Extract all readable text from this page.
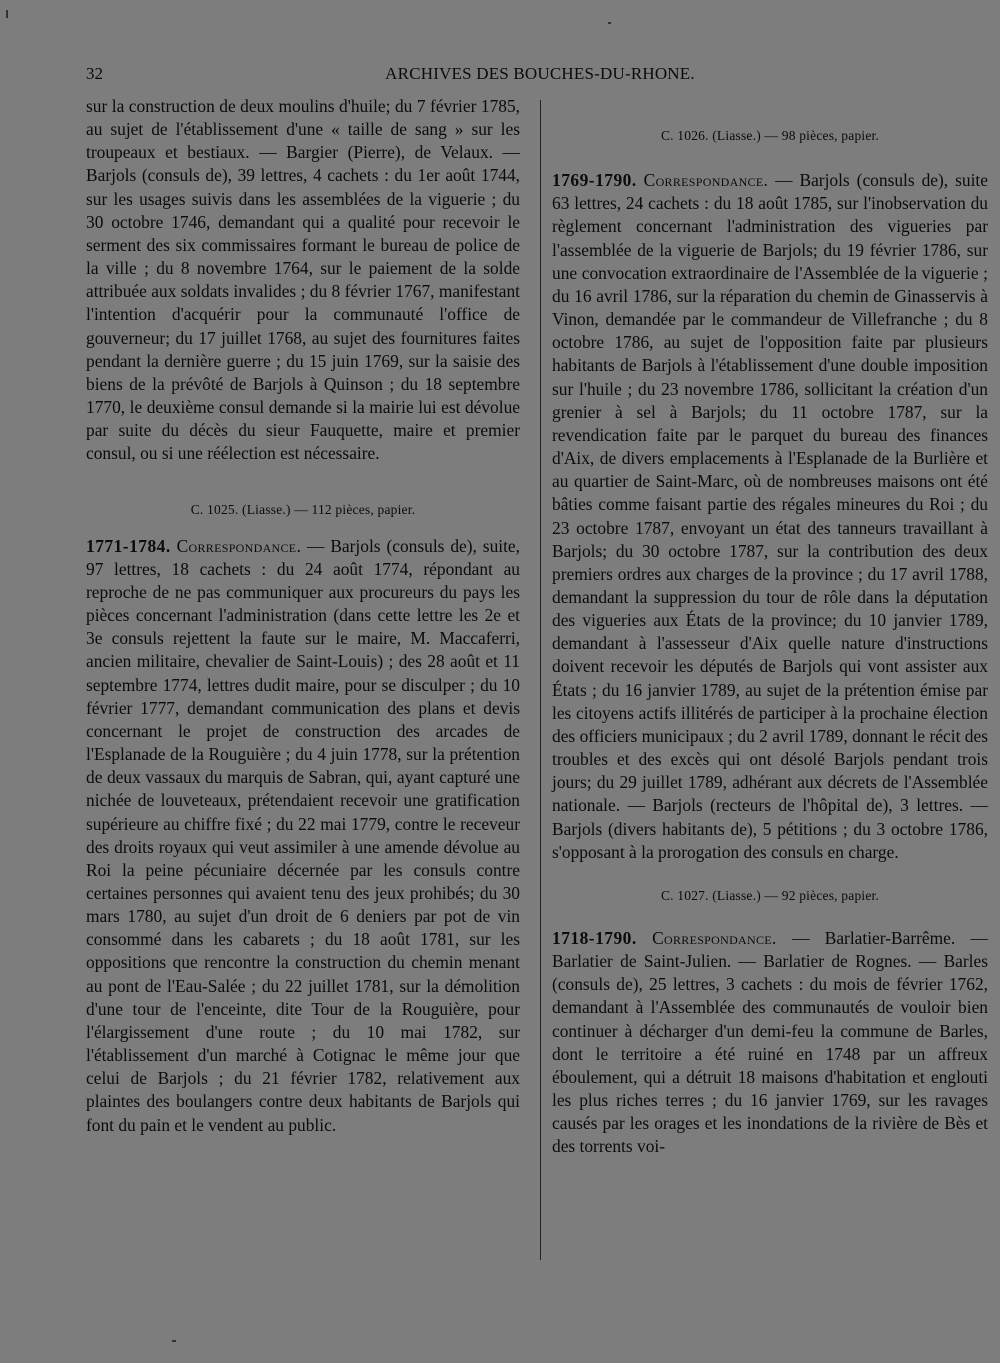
32	ARCHIVES DES BOUCHES-DU-RHONE.

sur la construction de deux moulins d'huile; du 7 février 1785, au sujet de l'établissement d'une « taille de sang » sur les troupeaux et bestiaux. — Bargier (Pierre), de Velaux. — Barjols (consuls de), 39 lettres, 4 cachets : du 1er août 1744, sur les usages suivis dans les assemblées de la viguerie ; du 30 octobre 1746, demandant qui a qualité pour recevoir le serment des six commissaires formant le bureau de police de la ville ; du 8 novembre 1764, sur le paiement de la solde attribuée aux soldats invalides ; du 8 février 1767, manifestant l'intention d'acquérir pour la communauté l'office de gouverneur; du 17 juillet 1768, au sujet des fournitures faites pendant la dernière guerre ; du 15 juin 1769, sur la saisie des biens de la prévôté de Barjols à Quinson ; du 18 septembre 1770, le deuxième consul demande si la mairie lui est dévolue par suite du décès du sieur Fauquette, maire et premier consul, ou si une réélection est nécessaire.

C. 1025. (Liasse.) — 112 pièces, papier.

1771-1784. Correspondance. — Barjols (consuls de), suite, 97 lettres, 18 cachets : du 24 août 1774, répondant au reproche de ne pas communiquer aux procureurs du pays les pièces concernant l'administration (dans cette lettre les 2e et 3e consuls rejettent la faute sur le maire, M. Maccaferri, ancien militaire, chevalier de Saint-Louis) ; des 28 août et 11 septembre 1774, lettres dudit maire, pour se disculper ; du 10 février 1777, demandant communication des plans et devis concernant le projet de construction des arcades de l'Esplanade de la Rouguière ; du 4 juin 1778, sur la prétention de deux vassaux du marquis de Sabran, qui, ayant capturé une nichée de louveteaux, prétendaient recevoir une gratification supérieure au chiffre fixé ; du 22 mai 1779, contre le receveur des droits royaux qui veut assimiler à une amende dévolue au Roi la peine pécuniaire décernée par les consuls contre certaines personnes qui avaient tenu des jeux prohibés; du 30 mars 1780, au sujet d'un droit de 6 deniers par pot de vin consommé dans les cabarets ; du 18 août 1781, sur les oppositions que rencontre la construction du chemin menant au pont de l'Eau-Salée ; du 22 juillet 1781, sur la démolition d'une tour de l'enceinte, dite Tour de la Rouguière, pour l'élargissement d'une route ; du 10 mai 1782, sur l'établissement d'un marché à Cotignac le même jour que celui de Barjols ; du 21 février 1782, relativement aux plaintes des boulangers contre deux habitants de Barjols qui font du pain et le vendent au public.

C. 1026. (Liasse.) — 98 pièces, papier.

1769-1790. Correspondance. — Barjols (consuls de), suite 63 lettres, 24 cachets : du 18 août 1785, sur l'inobservation du règlement concernant l'administration des vigueries par l'assemblée de la viguerie de Barjols; du 19 février 1786, sur une convocation extraordinaire de l'Assemblée de la viguerie ; du 16 avril 1786, sur la réparation du chemin de Ginasservis à Vinon, demandée par le commandeur de Villefranche ; du 8 octobre 1786, au sujet de l'opposition faite par plusieurs habitants de Barjols à l'établissement d'une double imposition sur l'huile ; du 23 novembre 1786, sollicitant la création d'un grenier à sel à Barjols; du 11 octobre 1787, sur la revendication faite par le parquet du bureau des finances d'Aix, de divers emplacements à l'Esplanade de la Burlière et au quartier de Saint-Marc, où de nombreuses maisons ont été bâties comme faisant partie des régales mineures du Roi ; du 23 octobre 1787, envoyant un état des tanneurs travaillant à Barjols; du 30 octobre 1787, sur la contribution des deux premiers ordres aux charges de la province ; du 17 avril 1788, demandant la suppression du tour de rôle dans la députation des vigueries aux États de la province; du 10 janvier 1789, demandant à l'assesseur d'Aix quelle nature d'instructions doivent recevoir les députés de Barjols qui vont assister aux États ; du 16 janvier 1789, au sujet de la prétention émise par les citoyens actifs illitérés de participer à la prochaine élection des officiers municipaux ; du 2 avril 1789, donnant le récit des troubles et des excès qui ont désolé Barjols pendant trois jours; du 29 juillet 1789, adhérant aux décrets de l'Assemblée nationale. — Barjols (recteurs de l'hôpital de), 3 lettres. — Barjols (divers habitants de), 5 pétitions ; du 3 octobre 1786, s'opposant à la prorogation des consuls en charge.

C. 1027. (Liasse.) — 92 pièces, papier.

1718-1790. Correspondance. — Barlatier-Barrême. — Barlatier de Saint-Julien. — Barlatier de Rognes. — Barles (consuls de), 25 lettres, 3 cachets : du mois de février 1762, demandant à l'Assemblée des communautés de vouloir bien continuer à décharger d'un demi-feu la commune de Barles, dont le territoire a été ruiné en 1748 par un affreux éboulement, qui a détruit 18 maisons d'habitation et englouti les plus riches terres ; du 16 janvier 1769, sur les ravages causés par les orages et les inondations de la rivière de Bès et des torrents voi-
